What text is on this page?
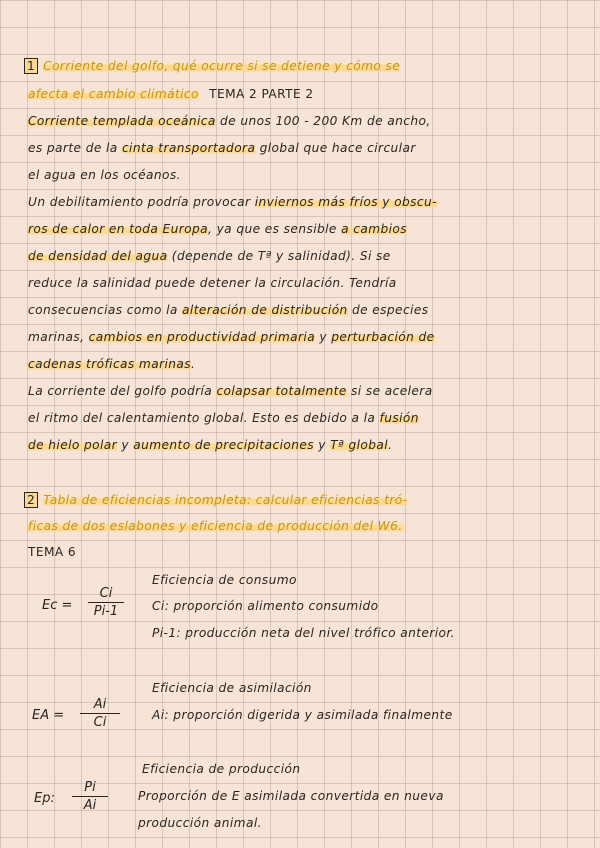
1 Corriente del golfo, qué ocurre si se detiene y cómo se
afecta el cambio climático TEMA 2 PARTE 2
Corriente templada oceánica de unos 100 - 200 Km de ancho,
es parte de la cinta transportadora global que hace circular
el agua en los océanos.
Un debilitamiento podría provocar inviernos más fríos y obscu-
ros de calor en toda Europa, ya que es sensible a cambios
de densidad del agua (depende de Tª y salinidad). Si se
reduce la salinidad puede detener la circulación. Tendría
consecuencias como la alteración de distribución de especies
marinas, cambios en productividad primaria y perturbación de
cadenas tróficas marinas.
La corriente del golfo podría colapsar totalmente si se acelera
el ritmo del calentamiento global. Esto es debido a la fusión
de hielo polar y aumento de precipitaciones y Tª global.
2 Tabla de eficiencias incompleta: calcular eficiencias tró-
ficas de dos eslabones y eficiencia de producción del W6.
TEMA 6
Ec =
Ci
Pi-1
Eficiencia de consumo
Ci: proporción alimento consumido
Pi-1: producción neta del nivel trófico anterior.
EA =
Ai
Ci
Eficiencia de asimilación
Ai: proporción digerida y asimilada finalmente
Ep:
Pi
Ai
Eficiencia de producción
Proporción de E asimilada convertida en nueva
producción animal.
